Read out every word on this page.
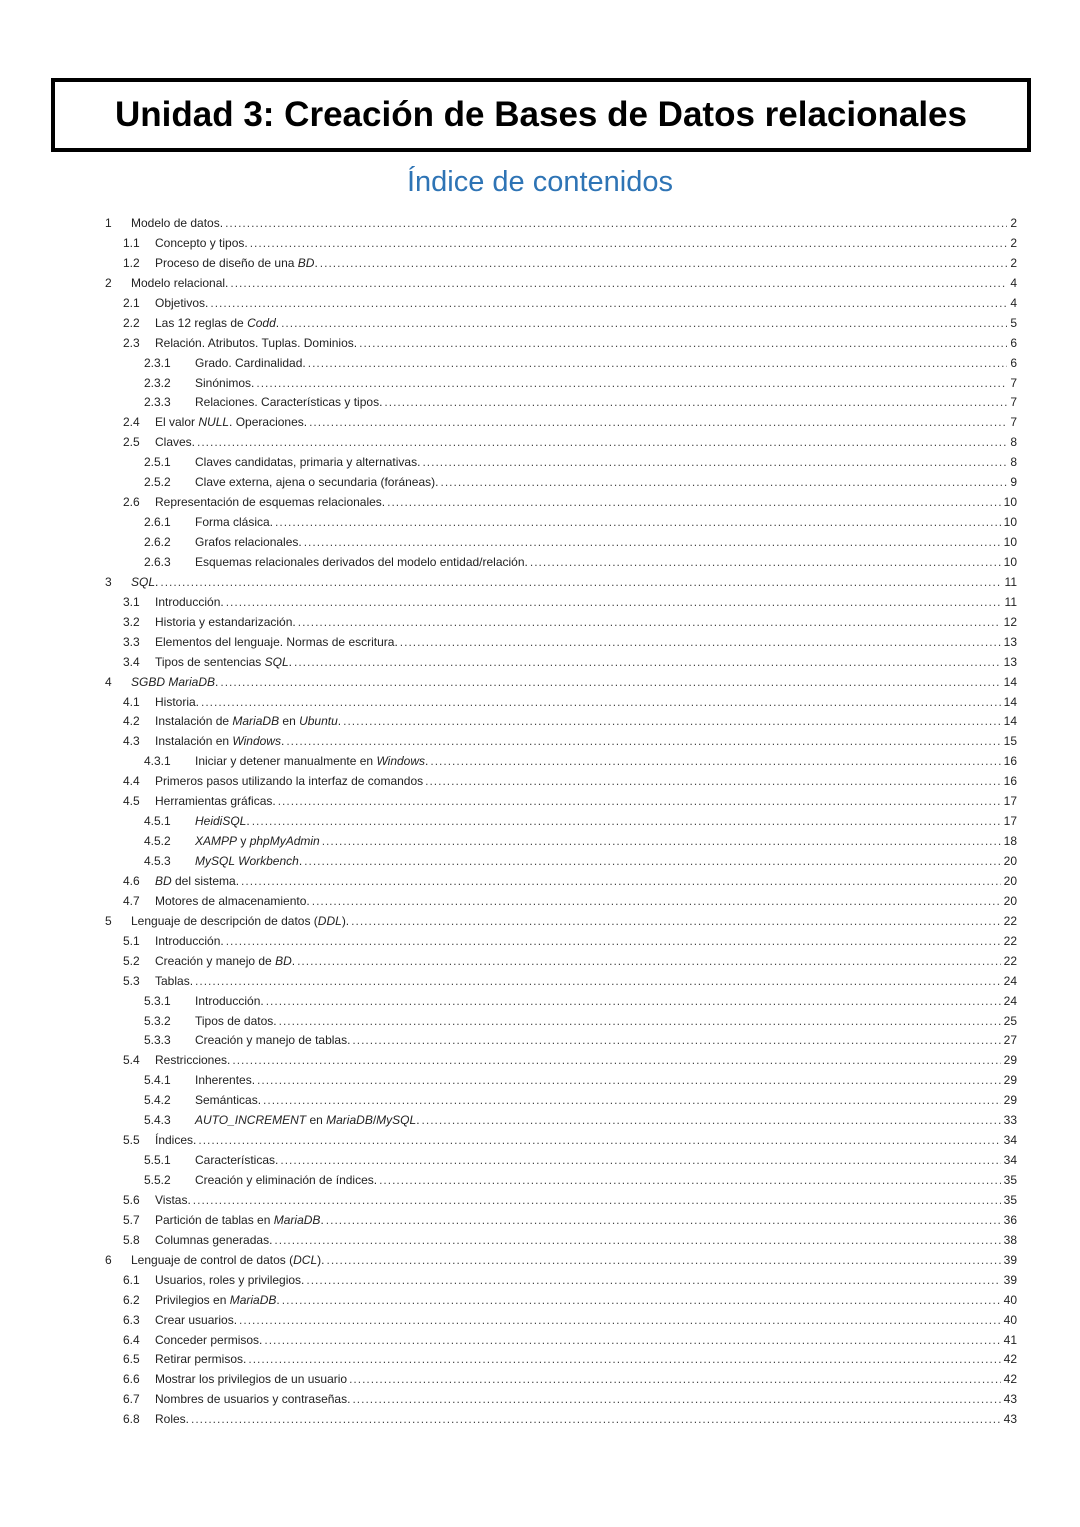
Unidad 3: Creación de Bases de Datos relacionales
Índice de contenidos
1 Modelo de datos. .....	2
1.1 Concepto y tipos. .....	2
1.2 Proceso de diseño de una BD. .....	2
2 Modelo relacional. .....	4
2.1 Objetivos. .....	4
2.2 Las 12 reglas de Codd. .....	5
2.3 Relación. Atributos. Tuplas. Dominios. .....	6
2.3.1 Grado. Cardinalidad. .....	6
2.3.2 Sinónimos. .....	7
2.3.3 Relaciones. Características y tipos. .....	7
2.4 El valor NULL. Operaciones. .....	7
2.5 Claves. .....	8
2.5.1 Claves candidatas, primaria y alternativas. .....	8
2.5.2 Clave externa, ajena o secundaria (foráneas). .....	9
2.6 Representación de esquemas relacionales. .....	10
2.6.1 Forma clásica. .....	10
2.6.2 Grafos relacionales. .....	10
2.6.3 Esquemas relacionales derivados del modelo entidad/relación. .....	10
3 SQL. .....	11
3.1 Introducción. .....	11
3.2 Historia y estandarización. .....	12
3.3 Elementos del lenguaje. Normas de escritura. .....	13
3.4 Tipos de sentencias SQL. .....	13
4 SGBD MariaDB. .....	14
4.1 Historia. .....	14
4.2 Instalación de MariaDB en Ubuntu. .....	14
4.3 Instalación en Windows. .....	15
4.3.1 Iniciar y detener manualmente en Windows. .....	16
4.4 Primeros pasos utilizando la interfaz de comandos .....	16
4.5 Herramientas gráficas. .....	17
4.5.1 HeidiSQL. .....	17
4.5.2 XAMPP y phpMyAdmin .....	18
4.5.3 MySQL Workbench. .....	20
4.6 BD del sistema. .....	20
4.7 Motores de almacenamiento. .....	20
5 Lenguaje de descripción de datos (DDL). .....	22
5.1 Introducción. .....	22
5.2 Creación y manejo de BD. .....	22
5.3 Tablas. .....	24
5.3.1 Introducción. .....	24
5.3.2 Tipos de datos. .....	25
5.3.3 Creación y manejo de tablas. .....	27
5.4 Restricciones. .....	29
5.4.1 Inherentes. .....	29
5.4.2 Semánticas. .....	29
5.4.3 AUTO_INCREMENT en MariaDB/MySQL. .....	33
5.5 Índices. .....	34
5.5.1 Características. .....	34
5.5.2 Creación y eliminación de índices. .....	35
5.6 Vistas. .....	35
5.7 Partición de tablas en MariaDB. .....	36
5.8 Columnas generadas. .....	38
6 Lenguaje de control de datos (DCL). .....	39
6.1 Usuarios, roles y privilegios. .....	39
6.2 Privilegios en MariaDB. .....	40
6.3 Crear usuarios. .....	40
6.4 Conceder permisos. .....	41
6.5 Retirar permisos. .....	42
6.6 Mostrar los privilegios de un usuario .....	42
6.7 Nombres de usuarios y contraseñas. .....	43
6.8 Roles. .....	43
